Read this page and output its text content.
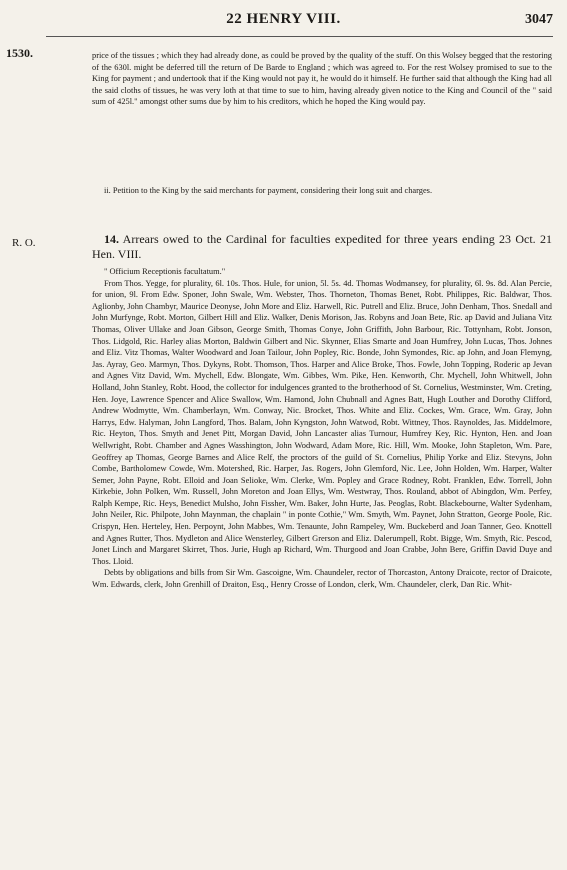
22 HENRY VIII.	3047
1530.
R. O.

price of the tissues ; which they had already done, as could be proved by the quality of the stuff. On this Wolsey begged that the restoring of the 630l. might be deferred till the return of De Barde to England ; which was agreed to. For the rest Wolsey promised to sue to the King for payment ; and undertook that if the King would not pay it, he would do it himself. He further said that although the King had all the said cloths of tissues, he was very loth at that time to sue to him, having already given notice to the King and Council of the " said sum of 425l." amongst other sums due by him to his creditors, which he hoped the King would pay.

ii. Petition to the King by the said merchants for payment, considering their long suit and charges.

14. Arrears owed to the Cardinal for faculties expedited for three years ending 23 Oct. 21 Hen. VIII.

" Officium Receptionis facultatum."

From Thos. Yegge, for plurality, 6l. 10s. Thos. Hule, for union, 5l. 5s. 4d. Thomas Wodmansey, for plurality, 6l. 9s. 8d. Alan Percie, for union, 9l. From Edw. Sponer, John Swale, Wm. Webster, Thos. Thorneton, Thomas Benet, Robt. Philippes, Ric. Baldwar, Thos. Aglionby, John Chambyr, Maurice Deonyse, John More and Eliz. Harwell, Ric. Putrell and Eliz. Bruce, John Denham, Thos. Snedall and John Murfynge, Robt. Morton, Gilbert Hill and Eliz. Walker, Denis Morison, Jas. Robyns and Joan Bete, Ric. ap David and Juliana Vitz Thomas, Oliver Ullake and Joan Gibson, George Smith, Thomas Conye, John Griffith, John Barbour, Ric. Tottynham, Robt. Jonson, Thos. Lidgold, Ric. Harley alias Morton, Baldwin Gilbert and Nic. Skynner, Elias Smarte and Joan Humfrey, John Lucas, Thos. Johnes and Eliz. Vitz Thomas, Walter Woodward and Joan Tailour, John Popley, Ric. Bonde, John Symondes, Ric. ap John, and Joan Flemyng, Jas. Ayray, Geo. Marmyn, Thos. Dykyns, Robt. Thomson, Thos. Harper and Alice Broke, Thos. Fowle, John Topping, Roderic ap Jevan and Agnes Vitz David, Wm. Mychell, Edw. Blongate, Wm. Gibbes, Wm. Pike, Hen. Kenworth, Chr. Mychell, John Whitwell, John Holland, John Stanley, Robt. Hood, the collector for indulgences granted to the brotherhood of St. Cornelius, Westminster, Wm. Creting, Hen. Joye, Lawrence Spencer and Alice Swallow, Wm. Hamond, John Chubnall and Agnes Batt, Hugh Louther and Dorothy Clifford, Andrew Wodmytte, Wm. Chamberlayn, Wm. Conway, Nic. Brocket, Thos. White and Eliz. Cockes, Wm. Grace, Wm. Gray, John Harrys, Edw. Halyman, John Langford, Thos. Balam, John Kyngston, John Watwod, Robt. Wittney, Thos. Raynoldes, Jas. Middelmore, Ric. Heyton, Thos. Smyth and Jenet Pitt, Morgan David, John Lancaster alias Turnour, Humfrey Key, Ric. Hynton, Hen. and Joan Wellwright, Robt. Chamber and Agnes Wasshington, John Wodward, Adam More, Ric. Hill, Wm. Mooke, John Stapleton, Wm. Pare, Geoffrey ap Thomas, George Barnes and Alice Relf, the proctors of the guild of St. Cornelius, Philip Yorke and Eliz. Stevyns, John Combe, Bartholomew Cowde, Wm. Motershed, Ric. Harper, Jas. Rogers, John Glemford, Nic. Lee, John Holden, Wm. Harper, Walter Semer, John Payne, Robt. Elloid and Joan Selioke, Wm. Clerke, Wm. Popley and Grace Rodney, Robt. Franklen, Edw. Torrell, John Kirkebie, John Polken, Wm. Russell, John Moreton and Joan Ellys, Wm. Westwray, Thos. Rouland, abbot of Abingdon, Wm. Perfey, Ralph Kempe, Ric. Heys, Benedict Mulsho, John Fissher, Wm. Baker, John Hurte, Jas. Peoglas, Robt. Blackebourne, Walter Sydenham, John Neiler, Ric. Philpote, John Maynman, the chaplain " in ponte Cothie," Wm. Smyth, Wm. Paynet, John Stratton, George Poole, Ric. Crispyn, Hen. Herteley, Hen. Perpoynt, John Mabbes, Wm. Tenaunte, John Rampeley, Wm. Buckeberd and Joan Tanner, Geo. Knottell and Agnes Rutter, Thos. Mydleton and Alice Wensterley, Gilbert Grerson and Eliz. Dalerumpell, Robt. Bigge, Wm. Smyth, Ric. Pescod, Jonet Linch and Margaret Skirret, Thos. Jurie, Hugh ap Richard, Wm. Thurgood and Joan Crabbe, John Bere, Griffin David Duye and Thos. Lloid.

Debts by obligations and bills from Sir Wm. Gascoigne, Wm. Chaundeler, rector of Thorcaston, Antony Draicote, rector of Draicote, Wm. Edwards, clerk, John Grenhill of Draiton, Esq., Henry Crosse of London, clerk, Wm. Chaundeler, clerk, Dan Ric. Whit-
